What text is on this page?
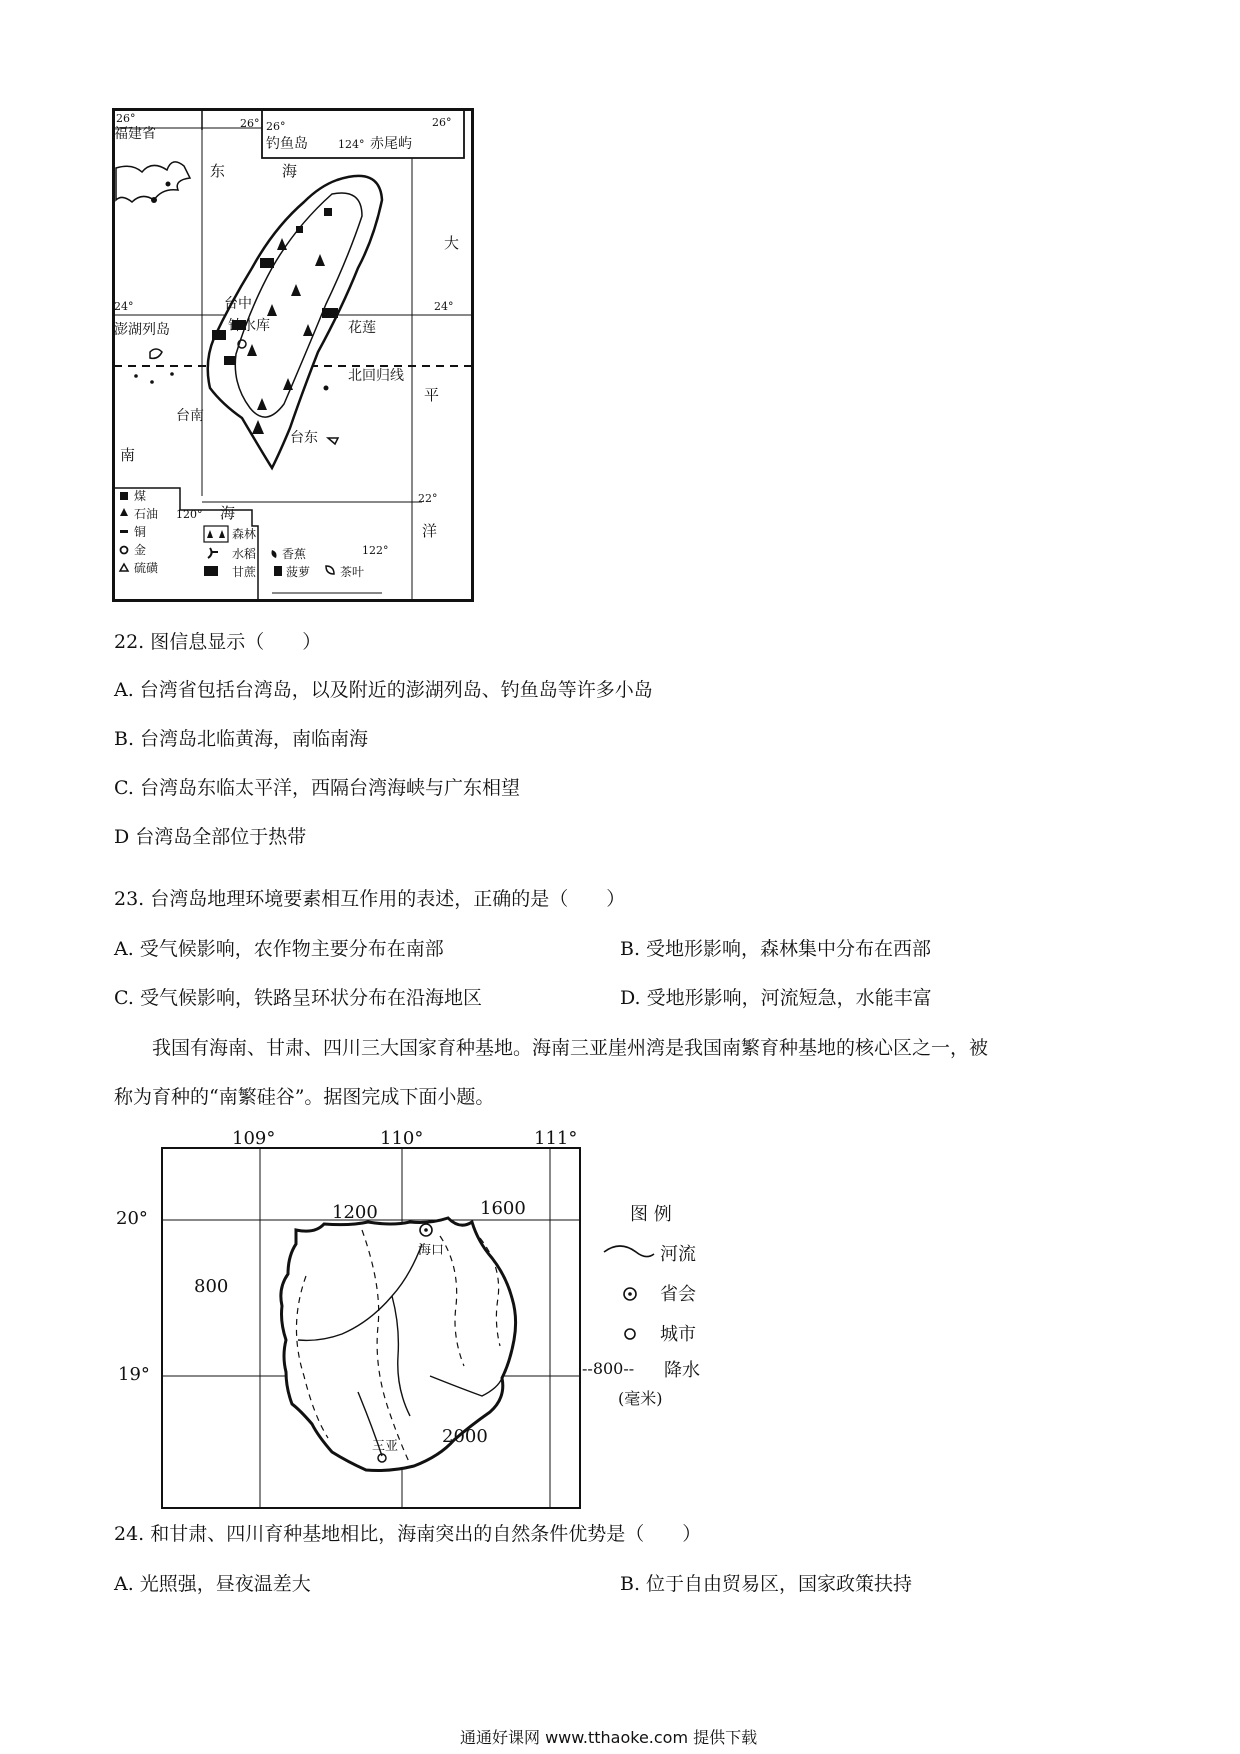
26°
福建省
26° 26°
钓鱼岛
26°
124° 赤尾屿
东	海
大
24°	台中	24°
澎湖列岛	钟水库	花莲
北回归线
平
台南
台东
南
22°
120° 海
洋
122°
煤
石油
铜
金
硫磺
森林
水稻 香蕉
甘蔗 菠萝 茶叶
22. 图信息显示（　　）
A. 台湾省包括台湾岛，以及附近的澎湖列岛、钓鱼岛等许多小岛
B. 台湾岛北临黄海，南临南海
C. 台湾岛东临太平洋，西隔台湾海峡与广东相望
D 台湾岛全部位于热带
23. 台湾岛地理环境要素相互作用的表述，正确的是（　　）
A. 受气候影响，农作物主要分布在南部	B. 受地形影响，森林集中分布在西部
C. 受气候影响，铁路呈环状分布在沿海地区	D. 受地形影响，河流短急，水能丰富
我国有海南、甘肃、四川三大国家育种基地。海南三亚崖州湾是我国南繁育种基地的核心区之一，被
称为育种的“南繁硅谷”。据图完成下面小题。
109°	110°	111°
20°
19°
海口
三亚
1200	1600
800
2000
图 例
河流
省会
城市
--800-- 降水
(毫米)
24. 和甘肃、四川育种基地相比，海南突出的自然条件优势是（　　）
A. 光照强，昼夜温差大	B. 位于自由贸易区，国家政策扶持
通通好课网 www.tthaoke.com 提供下载
